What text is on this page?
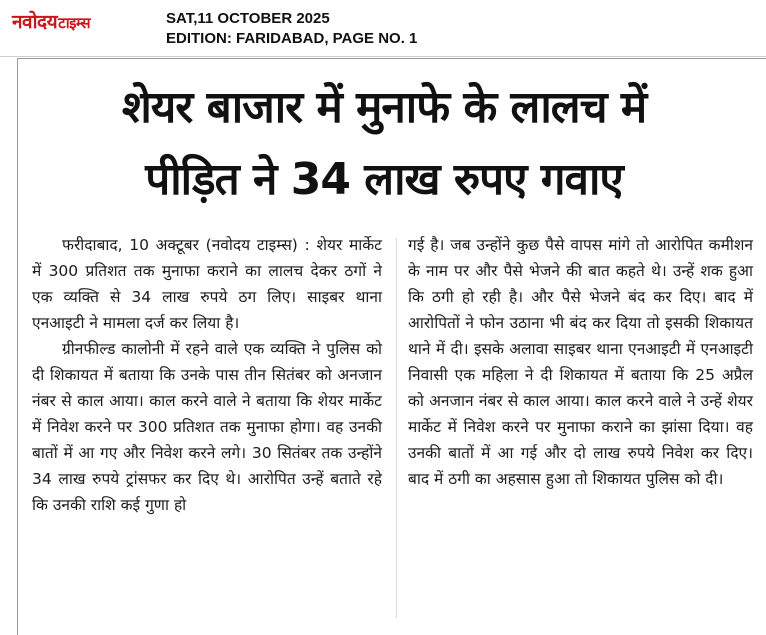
नवोदयटाइम्स	SAT,11 OCTOBER 2025
EDITION: FARIDABAD, PAGE NO. 1
शेयर बाजार में मुनाफे के लालच में
पीड़ित ने 34 लाख रुपए गवाए

फरीदाबाद, 10 अक्टूबर (नवोदय टाइम्स) : शेयर मार्केट में 300 प्रतिशत तक मुनाफा कराने का लालच देकर ठगों ने एक व्यक्ति से 34 लाख रुपये ठग लिए। साइबर थाना एनआइटी ने मामला दर्ज कर लिया है।

ग्रीनफील्ड कालोनी में रहने वाले एक व्यक्ति ने पुलिस को दी शिकायत में बताया कि उनके पास तीन सितंबर को अनजान नंबर से काल आया। काल करने वाले ने बताया कि शेयर मार्केट में निवेश करने पर 300 प्रतिशत तक मुनाफा होगा। वह उनकी बातों में आ गए और निवेश करने लगे। 30 सितंबर तक उन्होंने 34 लाख रुपये ट्रांसफर कर दिए थे। आरोपित उन्हें बताते रहे कि उनकी राशि कई गुणा हो

गई है। जब उन्होंने कुछ पैसे वापस मांगे तो आरोपित कमीशन के नाम पर और पैसे भेजने की बात कहते थे। उन्हें शक हुआ कि ठगी हो रही है। और पैसे भेजने बंद कर दिए। बाद में आरोपितों ने फोन उठाना भी बंद कर दिया तो इसकी शिकायत थाने में दी। इसके अलावा साइबर थाना एनआइटी में एनआइटी निवासी एक महिला ने दी शिकायत में बताया कि 25 अप्रैल को अनजान नंबर से काल आया। काल करने वाले ने उन्हें शेयर मार्केट में निवेश करने पर मुनाफा कराने का झांसा दिया। वह उनकी बातों में आ गई और दो लाख रुपये निवेश कर दिए। बाद में ठगी का अहसास हुआ तो शिकायत पुलिस को दी।
